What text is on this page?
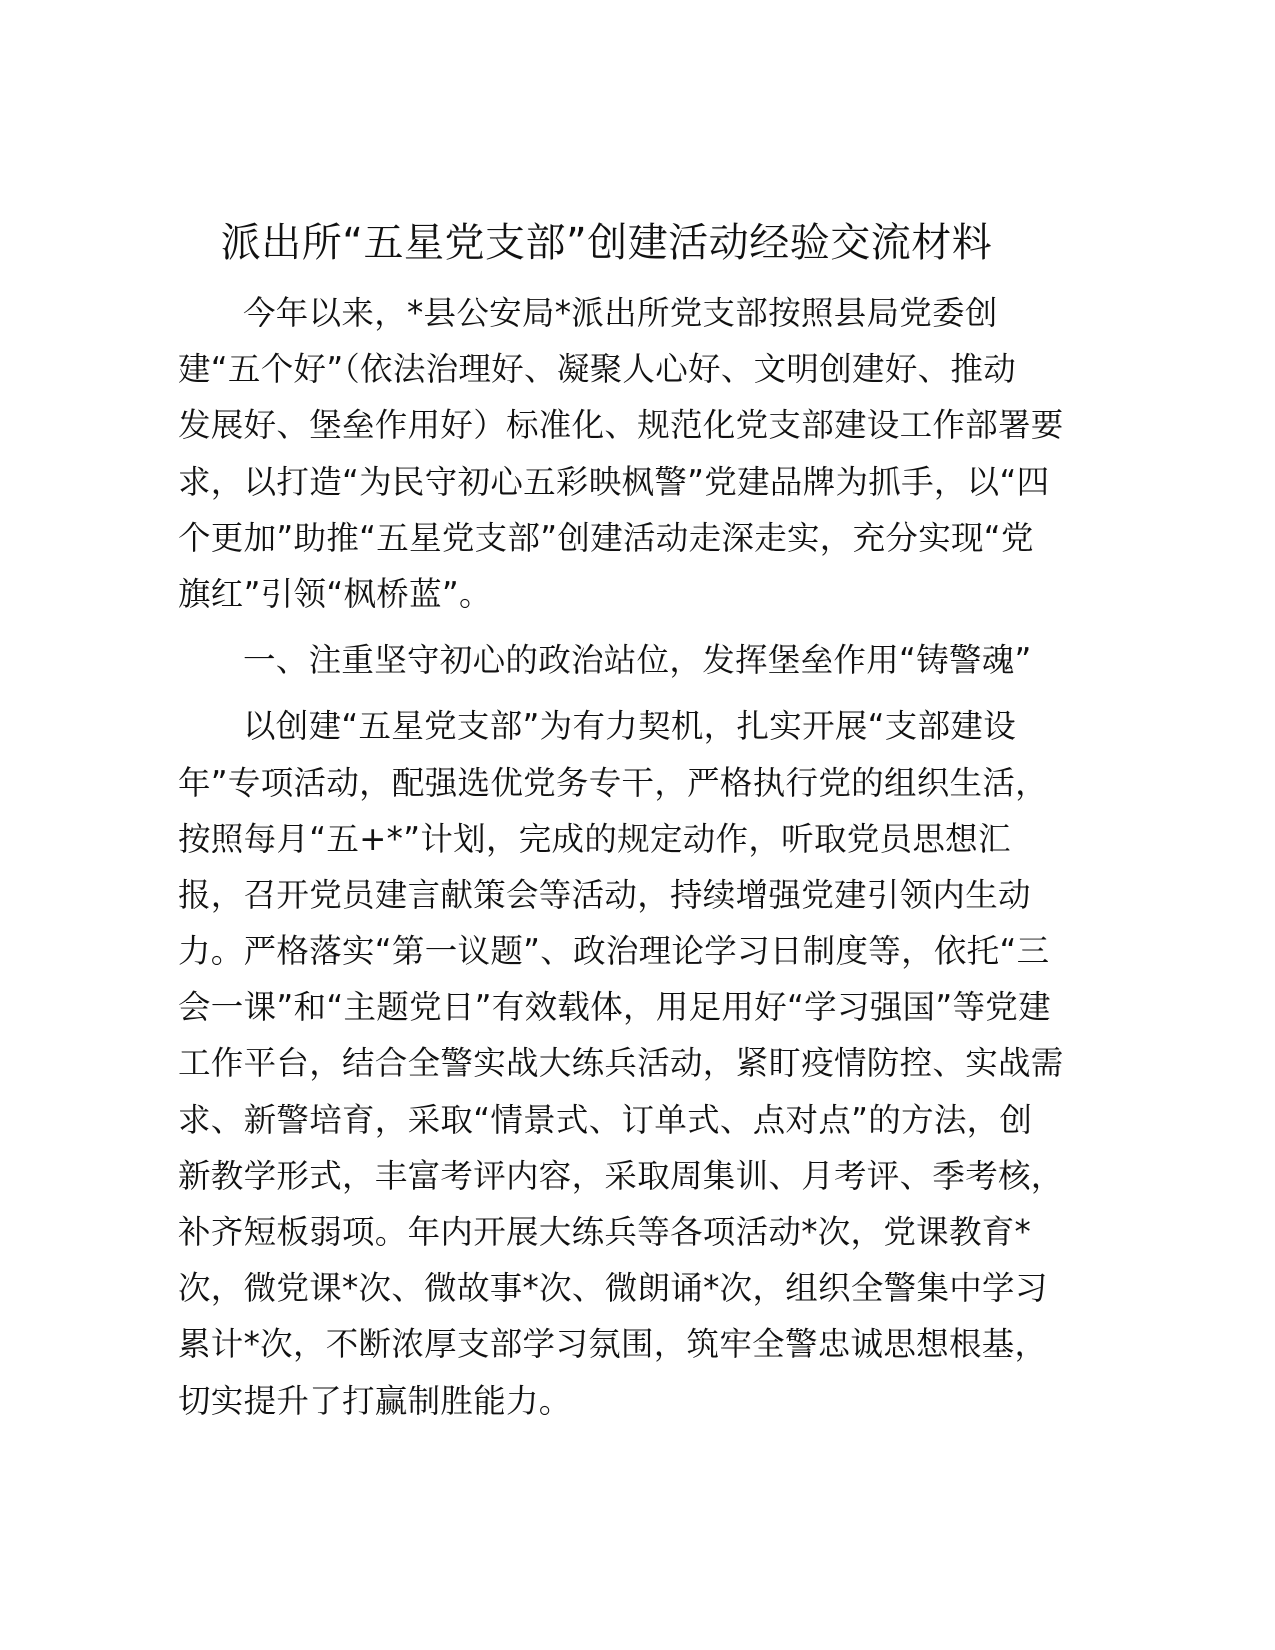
派出所“五星党支部”创建活动经验交流材料
今年以来，*县公安局*派出所党支部按照县局党委创
建“五个好”（依法治理好、凝聚人心好、文明创建好、推动
发展好、堡垒作用好）标准化、规范化党支部建设工作部署要
求，以打造“为民守初心五彩映枫警”党建品牌为抓手，以“四
个更加”助推“五星党支部”创建活动走深走实，充分实现“党
旗红”引领“枫桥蓝”。
一、注重坚守初心的政治站位，发挥堡垒作用“铸警魂”
以创建“五星党支部”为有力契机，扎实开展“支部建设
年”专项活动，配强选优党务专干，严格执行党的组织生活，
按照每月“五+*”计划，完成的规定动作，听取党员思想汇
报，召开党员建言献策会等活动，持续增强党建引领内生动
力。严格落实“第一议题”、政治理论学习日制度等，依托“三
会一课”和“主题党日”有效载体，用足用好“学习强国”等党建
工作平台，结合全警实战大练兵活动，紧盯疫情防控、实战需
求、新警培育，采取“情景式、订单式、点对点”的方法，创
新教学形式，丰富考评内容，采取周集训、月考评、季考核，
补齐短板弱项。年内开展大练兵等各项活动*次，党课教育*
次，微党课*次、微故事*次、微朗诵*次，组织全警集中学习
累计*次，不断浓厚支部学习氛围，筑牢全警忠诚思想根基，
切实提升了打赢制胜能力。
